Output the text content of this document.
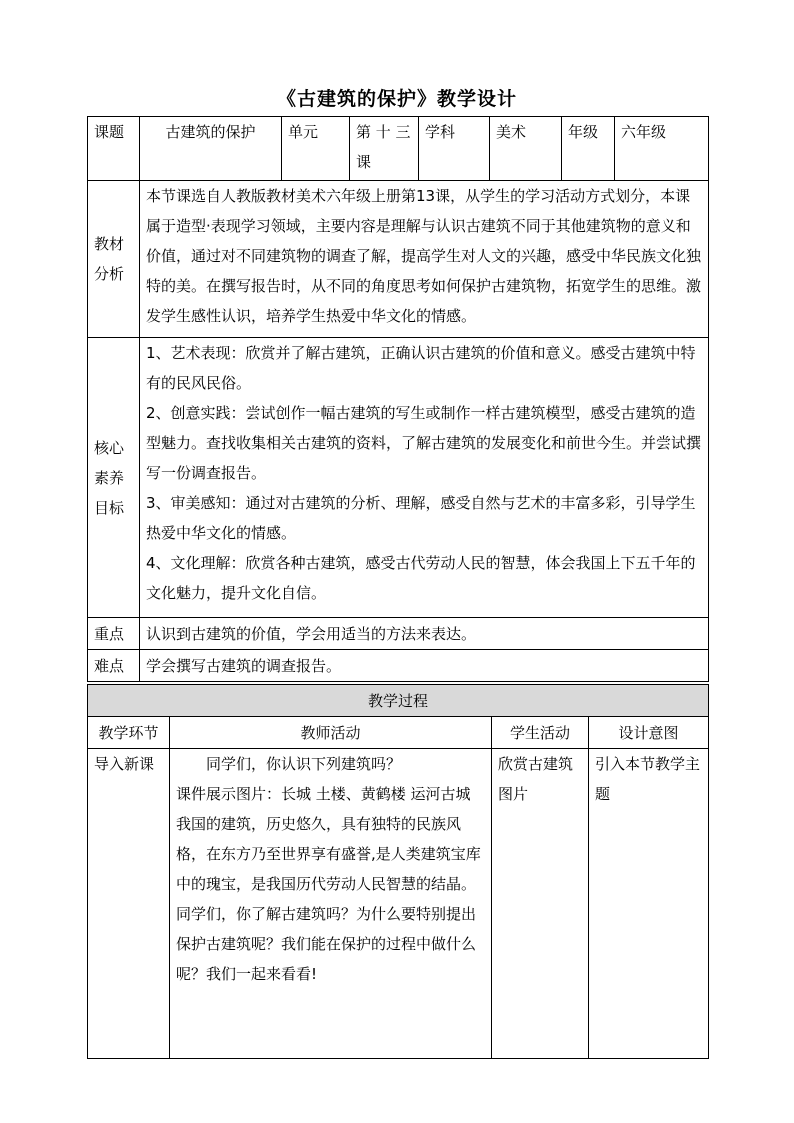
《古建筑的保护》教学设计
课题	古建筑的保护	单元	第 十 三 课	学科	美术	年级	六年级
教材分析	本节课选自人教版教材美术六年级上册第13课，从学生的学习活动方式划分，本课属于造型·表现学习领域，主要内容是理解与认识古建筑不同于其他建筑物的意义和价值，通过对不同建筑物的调查了解，提高学生对人文的兴趣，感受中华民族文化独特的美。在撰写报告时，从不同的角度思考如何保护古建筑物，拓宽学生的思维。激发学生感性认识，培养学生热爱中华文化的情感。						
核心素养目标	1、艺术表现：欣赏并了解古建筑，正确认识古建筑的价值和意义。感受古建筑中特有的民风民俗。
2、创意实践：尝试创作一幅古建筑的写生或制作一样古建筑模型，感受古建筑的造型魅力。查找收集相关古建筑的资料，了解古建筑的发展变化和前世今生。并尝试撰写一份调查报告。
3、审美感知：通过对古建筑的分析、理解，感受自然与艺术的丰富多彩，引导学生热爱中华文化的情感。
4、文化理解：欣赏各种古建筑，感受古代劳动人民的智慧，体会我国上下五千年的文化魅力，提升文化自信。						

重点	认识到古建筑的价值，学会用适当的方法来表达。						
难点	学会撰写古建筑的调查报告。						
教学过程			
教学环节	教师活动	学生活动	设计意图
导入新课	同学们，你认识下列建筑吗？
课件展示图片：长城 土楼、黄鹤楼 运河古城
我国的建筑，历史悠久，具有独特的民族风格，在东方乃至世界享有盛誉,是人类建筑宝库中的瑰宝，是我国历代劳动人民智慧的结晶。
同学们，你了解古建筑吗？为什么要特别提出保护古建筑呢？我们能在保护的过程中做什么呢？我们一起来看看!	欣赏古建筑图片	引入本节教学主题
